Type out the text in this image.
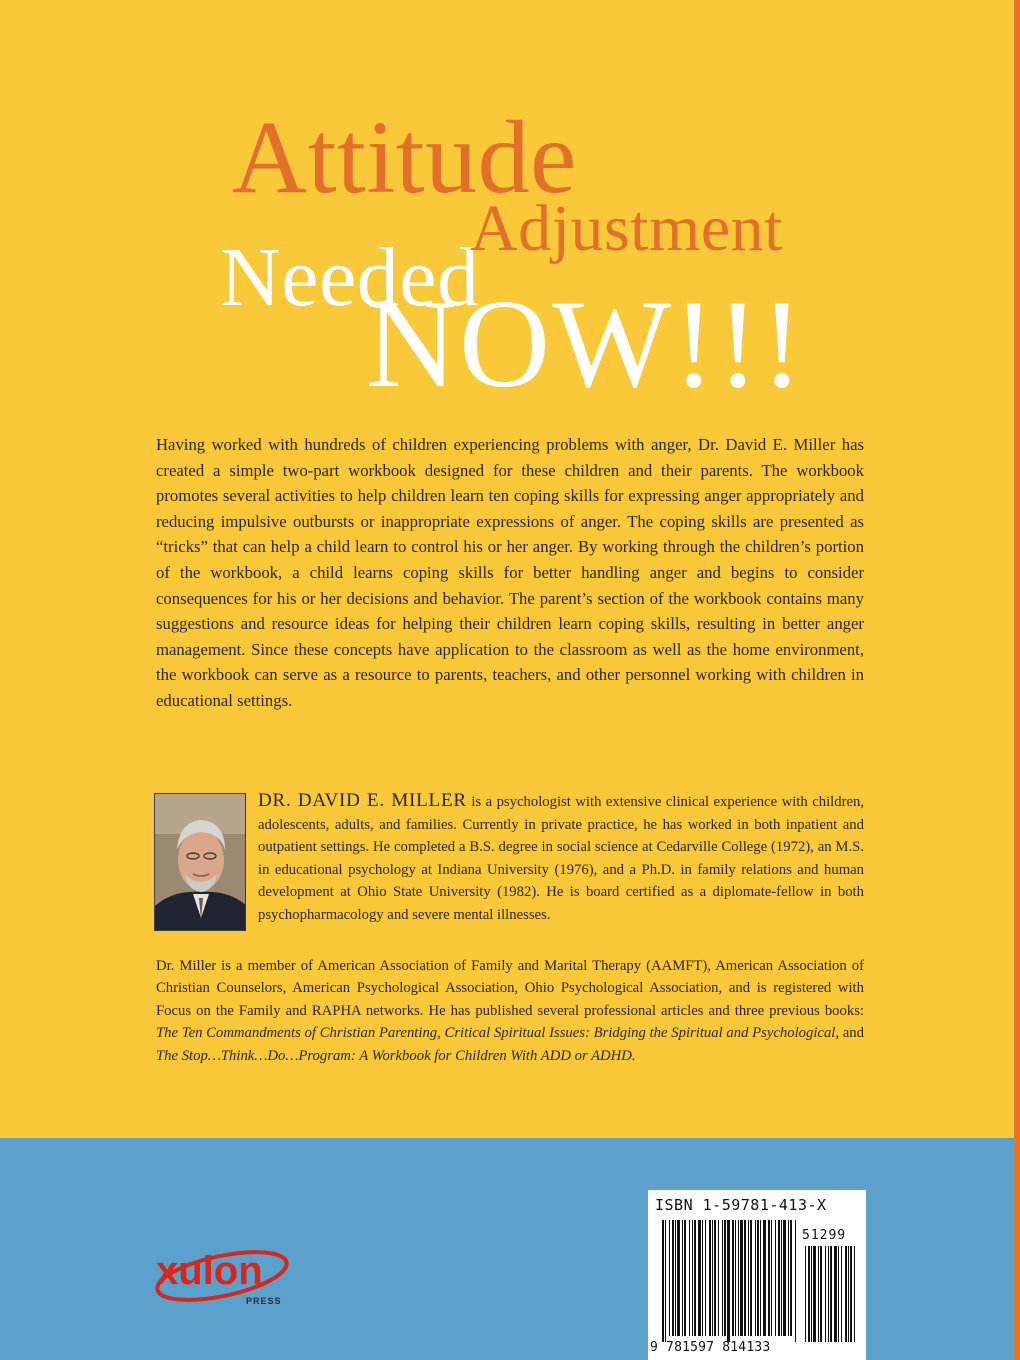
Attitude
Needed
Adjustment
NOW!!!

Having worked with hundreds of children experiencing problems with anger, Dr. David E. Miller has created a simple two-part workbook designed for these children and their parents. The workbook promotes several activities to help children learn ten coping skills for expressing anger appropriately and reducing impulsive outbursts or inappropriate expressions of anger. The coping skills are presented as “tricks” that can help a child learn to control his or her anger. By working through the children’s portion of the workbook, a child learns coping skills for better handling anger and begins to consider consequences for his or her decisions and behavior. The parent’s section of the workbook contains many suggestions and resource ideas for helping their children learn coping skills, resulting in better anger management. Since these concepts have application to the classroom as well as the home environment, the workbook can serve as a resource to parents, teachers, and other personnel working with children in educational settings.

DR. DAVID E. MILLER is a psychologist with extensive clinical experience with children, adolescents, adults, and families. Currently in private practice, he has worked in both inpatient and outpatient settings. He completed a B.S. degree in social science at Cedarville College (1972), an M.S. in educational psychology at Indiana University (1976), and a Ph.D. in family relations and human development at Ohio State University (1982). He is board certified as a diplomate-fellow in both psychopharmacology and severe mental illnesses.

Dr. Miller is a member of American Association of Family and Marital Therapy (AAMFT), American Association of Christian Counselors, American Psychological Association, Ohio Psychological Association, and is registered with Focus on the Family and RAPHA networks. He has published several professional articles and three previous books: The Ten Commandments of Christian Parenting, Critical Spiritual Issues: Bridging the Spiritual and Psychological, and The Stop…Think…Do…Program: A Workbook for Children With ADD or ADHD.

xulon
PRESS
ISBN 1-59781-413-X
51299
9 781597 814133
